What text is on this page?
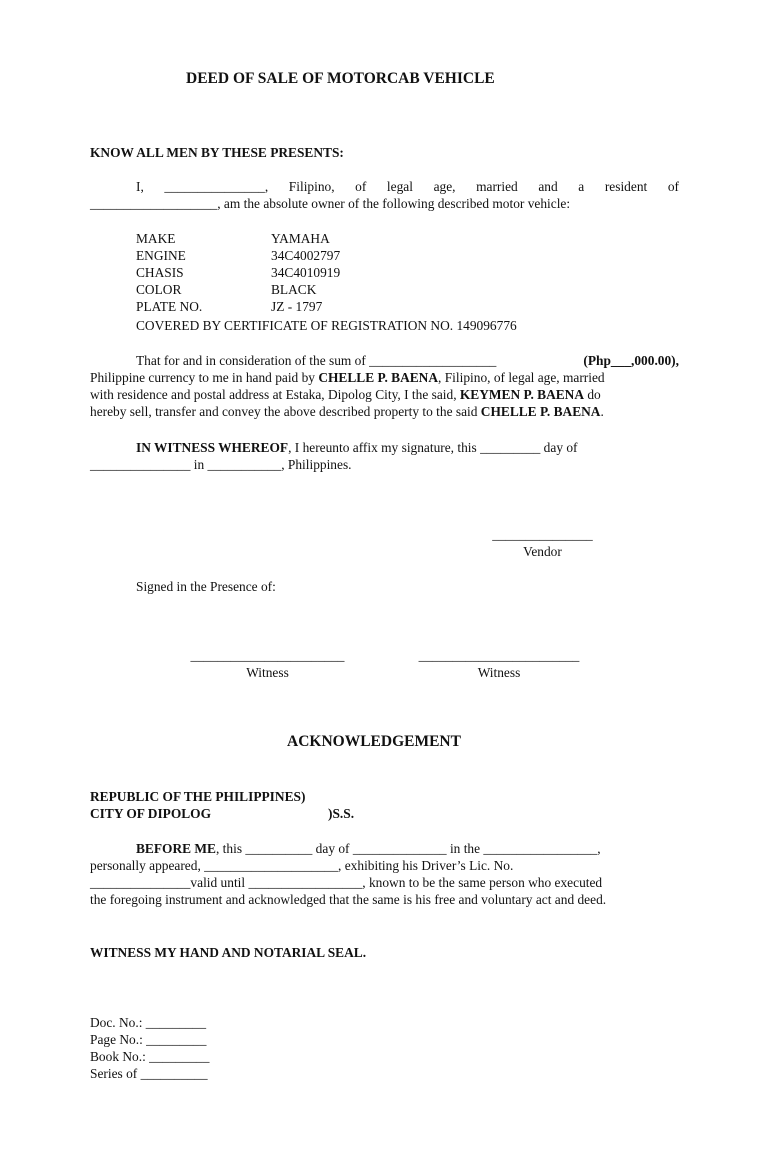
DEED OF SALE OF MOTORCAB VEHICLE
KNOW ALL MEN BY THESE PRESENTS:
I, _______________, Filipino, of legal age, married and a resident of
___________________, am the absolute owner of the following described motor vehicle:
MAKE	YAMAHA
ENGINE	34C4002797
CHASIS	34C4010919
COLOR	BLACK
PLATE NO.	JZ - 1797
COVERED BY CERTIFICATE OF REGISTRATION NO. 149096776
That for and in consideration of the sum of ___________________	(Php___,000.00),
Philippine currency to me in hand paid by CHELLE P. BAENA, Filipino, of legal age, married
with residence and postal address at Estaka, Dipolog City, I the said, KEYMEN P. BAENA do
hereby sell, transfer and convey the above described property to the said CHELLE P. BAENA.
IN WITNESS WHEREOF, I hereunto affix my signature, this _________ day of
_______________ in ___________, Philippines.
_______________
Vendor
Signed in the Presence of:
_______________________
Witness
________________________
Witness
ACKNOWLEDGEMENT
REPUBLIC OF THE PHILIPPINES)
CITY OF DIPOLOG	)S.S.
BEFORE ME, this __________ day of ______________ in the _________________,
personally appeared, ____________________, exhibiting his Driver’s Lic. No.
_______________valid until _________________, known to be the same person who executed
the foregoing instrument and acknowledged that the same is his free and voluntary act and deed.
WITNESS MY HAND AND NOTARIAL SEAL.
Doc. No.: _________
Page No.: _________
Book No.: _________
Series of __________
